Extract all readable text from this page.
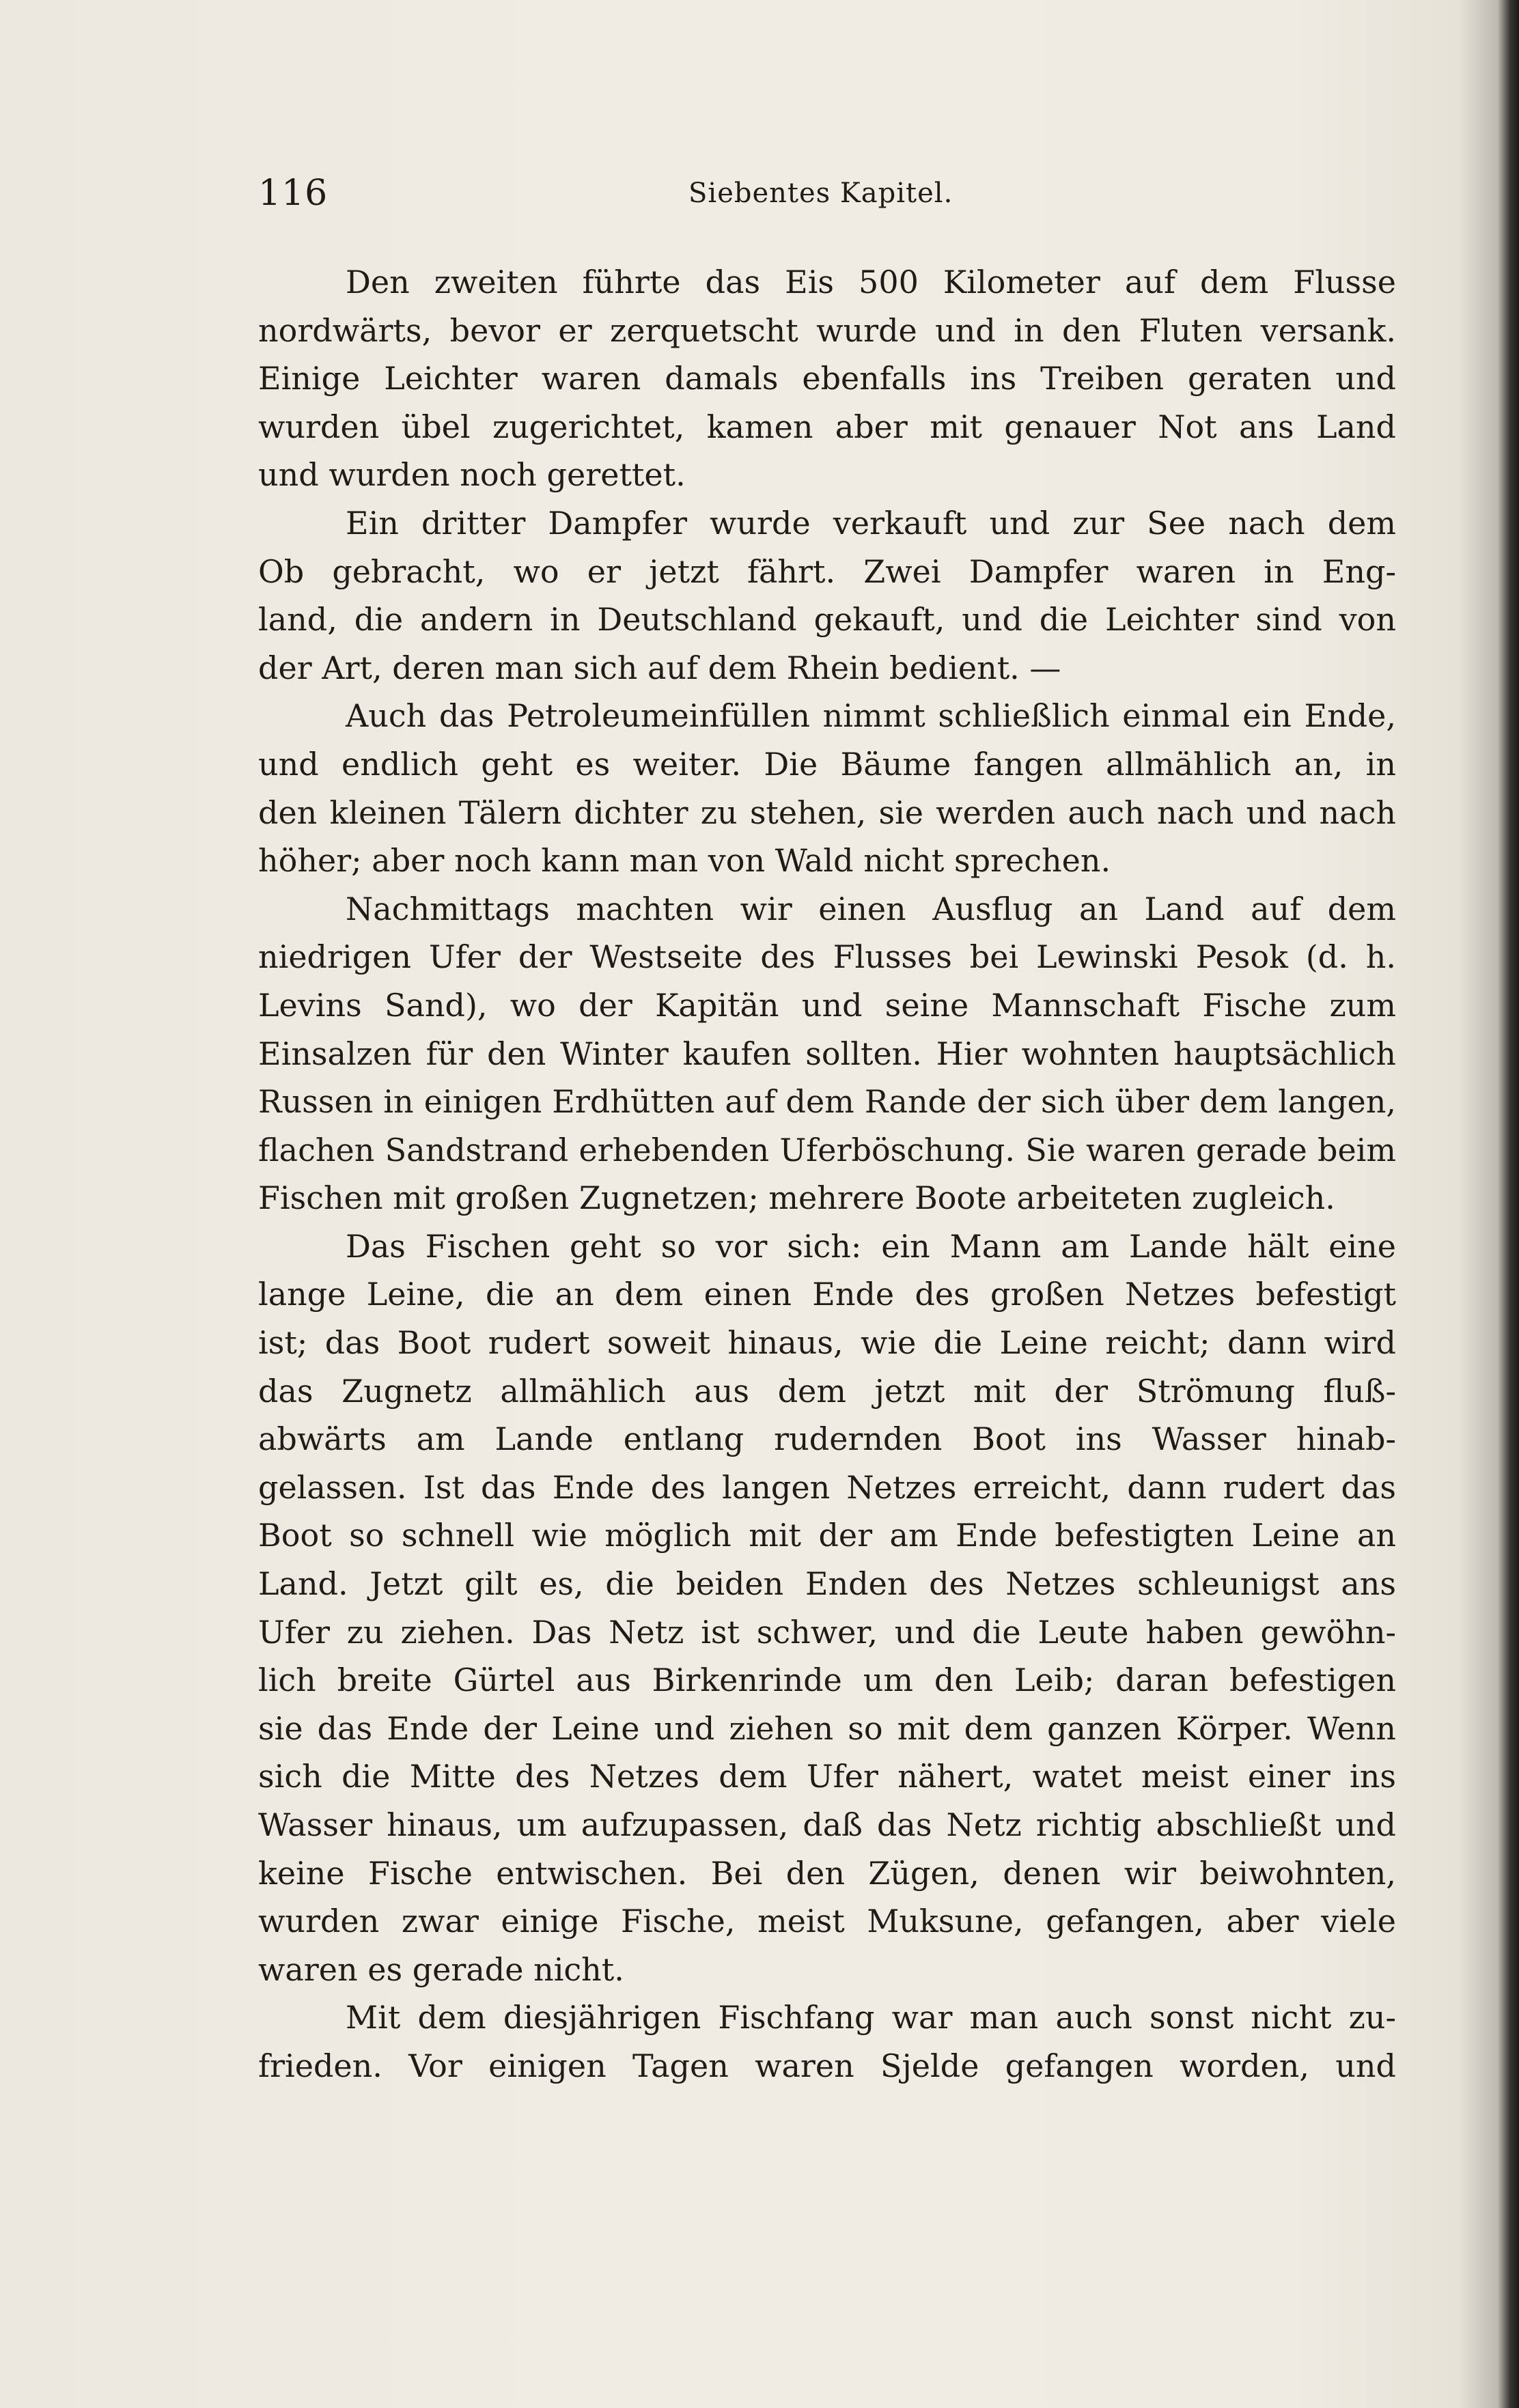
116	Siebentes Kapitel.
Den zweiten führte das Eis 500 Kilometer auf dem Flusse
nordwärts, bevor er zerquetscht wurde und in den Fluten versank.
Einige Leichter waren damals ebenfalls ins Treiben geraten und
wurden übel zugerichtet, kamen aber mit genauer Not ans Land
und wurden noch gerettet.
Ein dritter Dampfer wurde verkauft und zur See nach dem
Ob gebracht, wo er jetzt fährt. Zwei Dampfer waren in Eng-
land, die andern in Deutschland gekauft, und die Leichter sind von
der Art, deren man sich auf dem Rhein bedient. —
Auch das Petroleumeinfüllen nimmt schließlich einmal ein Ende,
und endlich geht es weiter. Die Bäume fangen allmählich an, in
den kleinen Tälern dichter zu stehen, sie werden auch nach und nach
höher; aber noch kann man von Wald nicht sprechen.
Nachmittags machten wir einen Ausflug an Land auf dem
niedrigen Ufer der Westseite des Flusses bei Lewinski Pesok (d. h.
Levins Sand), wo der Kapitän und seine Mannschaft Fische zum
Einsalzen für den Winter kaufen sollten. Hier wohnten hauptsächlich
Russen in einigen Erdhütten auf dem Rande der sich über dem langen,
flachen Sandstrand erhebenden Uferböschung. Sie waren gerade beim
Fischen mit großen Zugnetzen; mehrere Boote arbeiteten zugleich.
Das Fischen geht so vor sich: ein Mann am Lande hält eine
lange Leine, die an dem einen Ende des großen Netzes befestigt
ist; das Boot rudert soweit hinaus, wie die Leine reicht; dann wird
das Zugnetz allmählich aus dem jetzt mit der Strömung fluß-
abwärts am Lande entlang rudernden Boot ins Wasser hinab-
gelassen. Ist das Ende des langen Netzes erreicht, dann rudert das
Boot so schnell wie möglich mit der am Ende befestigten Leine an
Land. Jetzt gilt es, die beiden Enden des Netzes schleunigst ans
Ufer zu ziehen. Das Netz ist schwer, und die Leute haben gewöhn-
lich breite Gürtel aus Birkenrinde um den Leib; daran befestigen
sie das Ende der Leine und ziehen so mit dem ganzen Körper. Wenn
sich die Mitte des Netzes dem Ufer nähert, watet meist einer ins
Wasser hinaus, um aufzupassen, daß das Netz richtig abschließt und
keine Fische entwischen. Bei den Zügen, denen wir beiwohnten,
wurden zwar einige Fische, meist Muksune, gefangen, aber viele
waren es gerade nicht.
Mit dem diesjährigen Fischfang war man auch sonst nicht zu-
frieden. Vor einigen Tagen waren Sjelde gefangen worden, und
